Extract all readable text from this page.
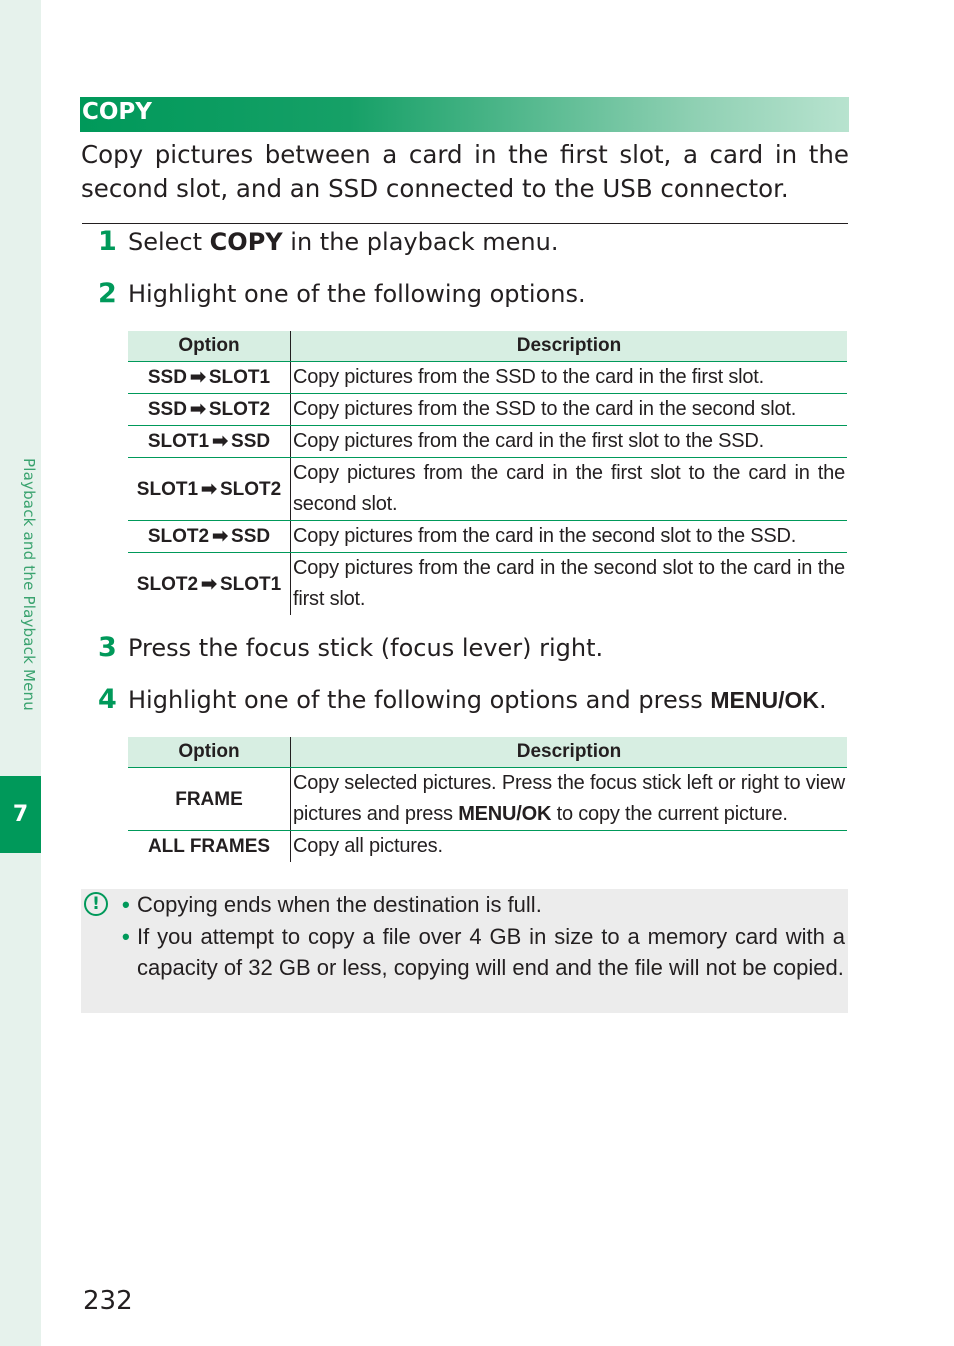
Playback and the Playback Menu
7
COPY

Copy pictures between a card in the first slot, a card in the second slot, and an SSD connected to the USB connector.

1 Select COPY in the playback menu.
2 Highlight one of the following options.
Option	Description
SSD ➡ SLOT1	Copy pictures from the SSD to the card in the first slot.
SSD ➡ SLOT2	Copy pictures from the SSD to the card in the second slot.
SLOT1 ➡ SSD	Copy pictures from the card in the first slot to the SSD.
SLOT1 ➡ SLOT2	Copy pictures from the card in the first slot to the card in the second slot.
SLOT2 ➡ SSD	Copy pictures from the card in the second slot to the SSD.
SLOT2 ➡ SLOT1	Copy pictures from the card in the second slot to the card in the first slot.
3 Press the focus stick (focus lever) right.
4 Highlight one of the following options and press MENU/OK.
Option	Description
FRAME	Copy selected pictures. Press the focus stick left or right to view pictures and press MENU/OK to copy the current picture.
ALL FRAMES	Copy all pictures.
!	• Copying ends when the destination is full.
• If you attempt to copy a file over 4 GB in size to a memory card with a capacity of 32 GB or less, copying will end and the file will not be copied.
232
